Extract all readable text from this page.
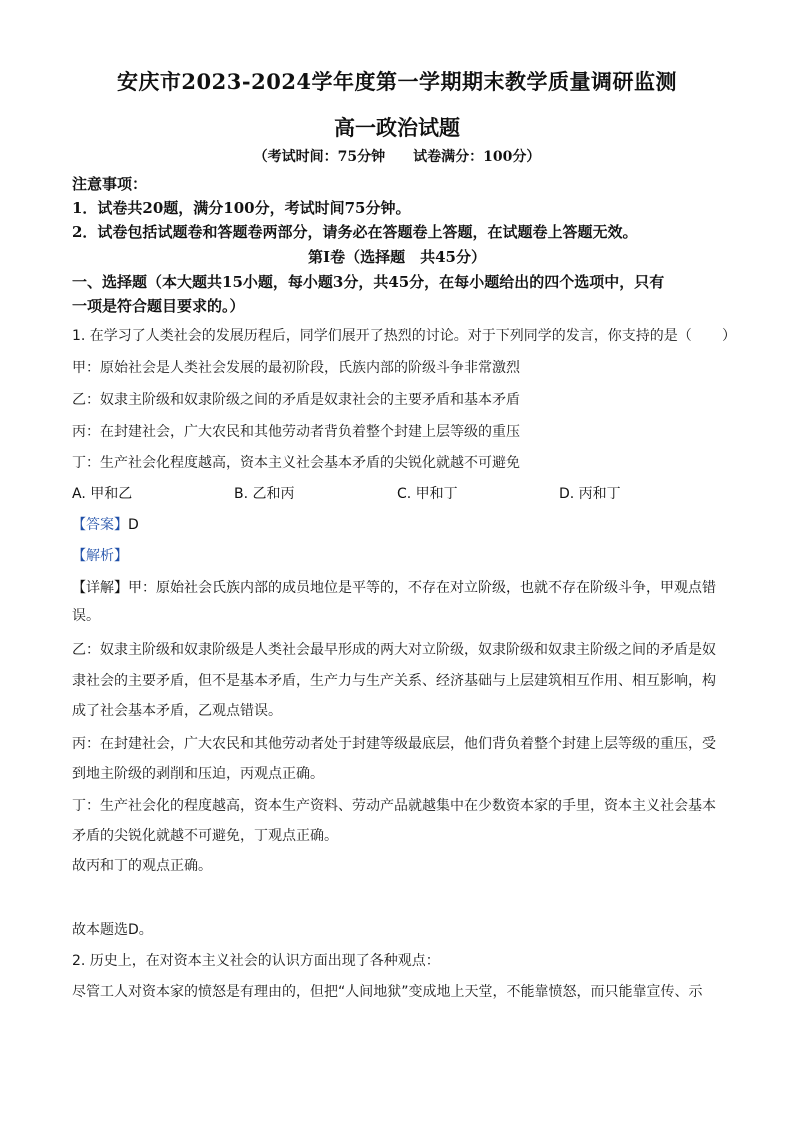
安庆市2023-2024学年度第一学期期末教学质量调研监测
高一政治试题
（考试时间：75分钟　　试卷满分：100分）
注意事项：
1．试卷共20题，满分100分，考试时间75分钟。
2．试卷包括试题卷和答题卷两部分，请务必在答题卷上答题，在试题卷上答题无效。
第Ⅰ卷（选择题　共45分）
一、选择题（本大题共15小题，每小题3分，共45分，在每小题给出的四个选项中，只有
一项是符合题目要求的。）
1. 在学习了人类社会的发展历程后，同学们展开了热烈的讨论。对于下列同学的发言，你支持的是（	）
甲：原始社会是人类社会发展的最初阶段，氏族内部的阶级斗争非常激烈
乙：奴隶主阶级和奴隶阶级之间的矛盾是奴隶社会的主要矛盾和基本矛盾
丙：在封建社会，广大农民和其他劳动者背负着整个封建上层等级的重压
丁：生产社会化程度越高，资本主义社会基本矛盾的尖锐化就越不可避免
A. 甲和乙	B. 乙和丙	C. 甲和丁	D. 丙和丁
【答案】D
【解析】
【详解】甲：原始社会氏族内部的成员地位是平等的，不存在对立阶级，也就不存在阶级斗争，甲观点错
误。
乙：奴隶主阶级和奴隶阶级是人类社会最早形成的两大对立阶级，奴隶阶级和奴隶主阶级之间的矛盾是奴
隶社会的主要矛盾，但不是基本矛盾，生产力与生产关系、经济基础与上层建筑相互作用、相互影响，构
成了社会基本矛盾，乙观点错误。
丙：在封建社会，广大农民和其他劳动者处于封建等级最底层，他们背负着整个封建上层等级的重压，受
到地主阶级的剥削和压迫，丙观点正确。
丁：生产社会化的程度越高，资本生产资料、劳动产品就越集中在少数资本家的手里，资本主义社会基本
矛盾的尖锐化就越不可避免，丁观点正确。
故丙和丁的观点正确。
故本题选D。
2. 历史上，在对资本主义社会的认识方面出现了各种观点：
尽管工人对资本家的愤怒是有理由的，但把“人间地狱”变成地上天堂，不能靠愤怒，而只能靠宣传、示
